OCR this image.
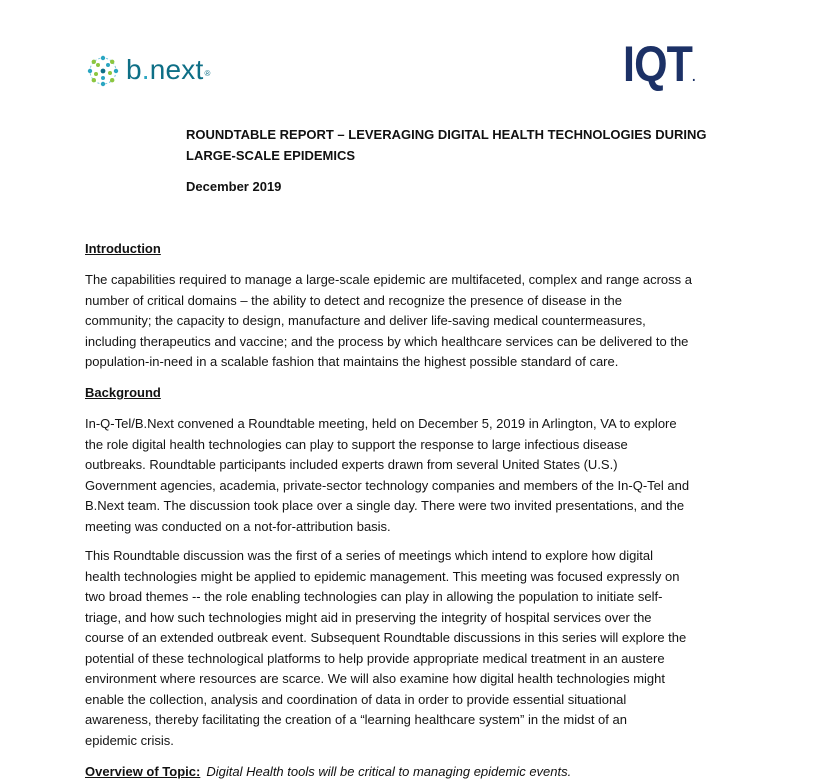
b.next®	IQT.
ROUNDTABLE REPORT – LEVERAGING DIGITAL HEALTH TECHNOLOGIES DURING
LARGE-SCALE EPIDEMICS
December 2019
Introduction
The capabilities required to manage a large-scale epidemic are multifaceted, complex and range across a
number of critical domains – the ability to detect and recognize the presence of disease in the
community; the capacity to design, manufacture and deliver life-saving medical countermeasures,
including therapeutics and vaccine; and the process by which healthcare services can be delivered to the
population-in-need in a scalable fashion that maintains the highest possible standard of care.
Background
In-Q-Tel/B.Next convened a Roundtable meeting, held on December 5, 2019 in Arlington, VA to explore
the role digital health technologies can play to support the response to large infectious disease
outbreaks. Roundtable participants included experts drawn from several United States (U.S.)
Government agencies, academia, private-sector technology companies and members of the In-Q-Tel and
B.Next team. The discussion took place over a single day. There were two invited presentations, and the
meeting was conducted on a not-for-attribution basis.
This Roundtable discussion was the first of a series of meetings which intend to explore how digital
health technologies might be applied to epidemic management. This meeting was focused expressly on
two broad themes -- the role enabling technologies can play in allowing the population to initiate self-
triage, and how such technologies might aid in preserving the integrity of hospital services over the
course of an extended outbreak event. Subsequent Roundtable discussions in this series will explore the
potential of these technological platforms to help provide appropriate medical treatment in an austere
environment where resources are scarce. We will also examine how digital health technologies might
enable the collection, analysis and coordination of data in order to provide essential situational
awareness, thereby facilitating the creation of a “learning healthcare system” in the midst of an
epidemic crisis.
Overview of Topic: Digital Health tools will be critical to managing epidemic events.
